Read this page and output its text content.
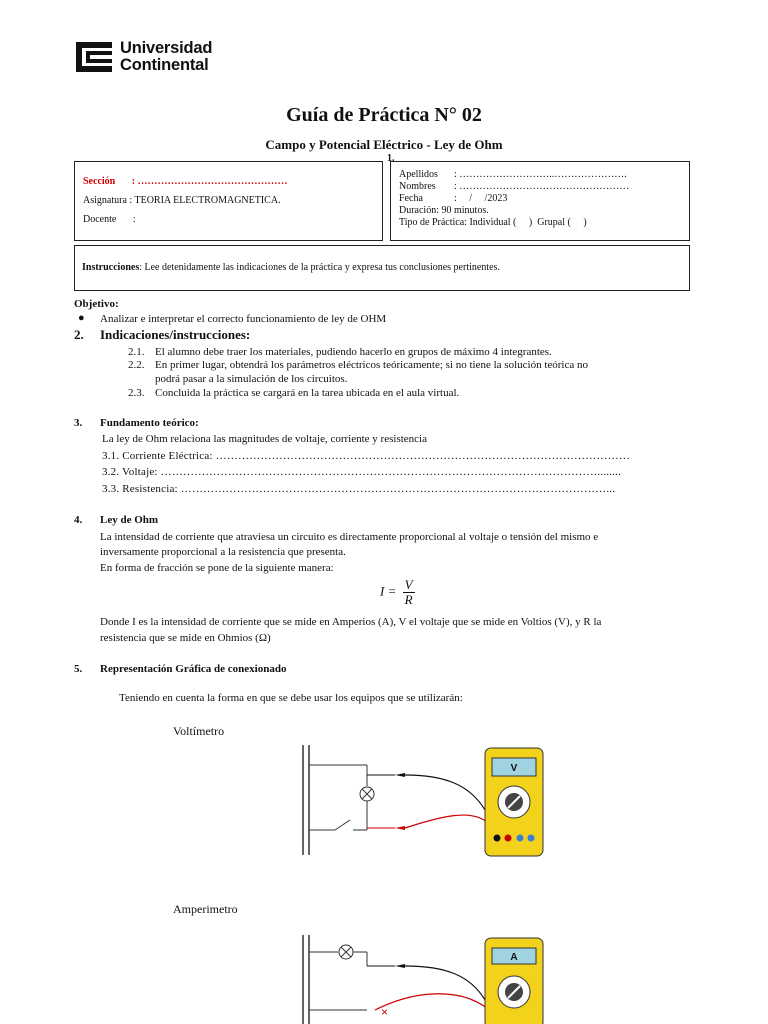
Universidad
Continental
Guía de Práctica N° 02
Campo y Potencial Eléctrico - Ley de Ohm
1.
Sección : ………………………………………
Asignatura : TEORIA ELECTROMAGNETICA.
Docente :
Apellidos : ………………………..………………….
Nombres : ……………………………………………
Fecha	:     /     /2023
Duración: 90 minutos.
Tipo de Práctica: Individual (     )  Grupal (     )
Instrucciones: Lee detenidamente las indicaciones de la práctica y expresa tus conclusiones pertinentes.
Objetivo:
● Analizar e interpretar el correcto funcionamiento de ley de OHM
2. Indicaciones/instrucciones:
2.1. El alumno debe traer los materiales, pudiendo hacerlo en grupos de máximo 4 integrantes.
2.2. En primer lugar, obtendrá los parámetros eléctricos teóricamente; si no tiene la solución teórica no
podrá pasar a la simulación de los circuitos.
2.3. Concluida la práctica se cargará en la tarea ubicada en el aula virtual.
3. Fundamento teórico:
La ley de Ohm relaciona las magnitudes de voltaje, corriente y resistencia
3.1. Corriente Eléctrica: …………………………………………………………………………………………………
3.2. Voltaje: ………………………………………………………………………………………………………........
3.3. Resistencia: ……………………………………………………………………………………………………...
4. Ley de Ohm
La intensidad de corriente que atraviesa un circuito es directamente proporcional al voltaje o tensión del mismo e
inversamente proporcional a la resistencia que presenta.
En forma de fracción se pone de la siguiente manera:
$I = \frac{V}{R}$
Donde I es la intensidad de corriente que se mide en Amperios (A), V el voltaje que se mide en Voltios (V), y R la
resistencia que se mide en Ohmios (Ω)
5. Representación Gráfica de conexionado
Teniendo en cuenta la forma en que se debe usar los equipos que se utilizarán:
Voltímetro
Amperimetro
V
×
A
